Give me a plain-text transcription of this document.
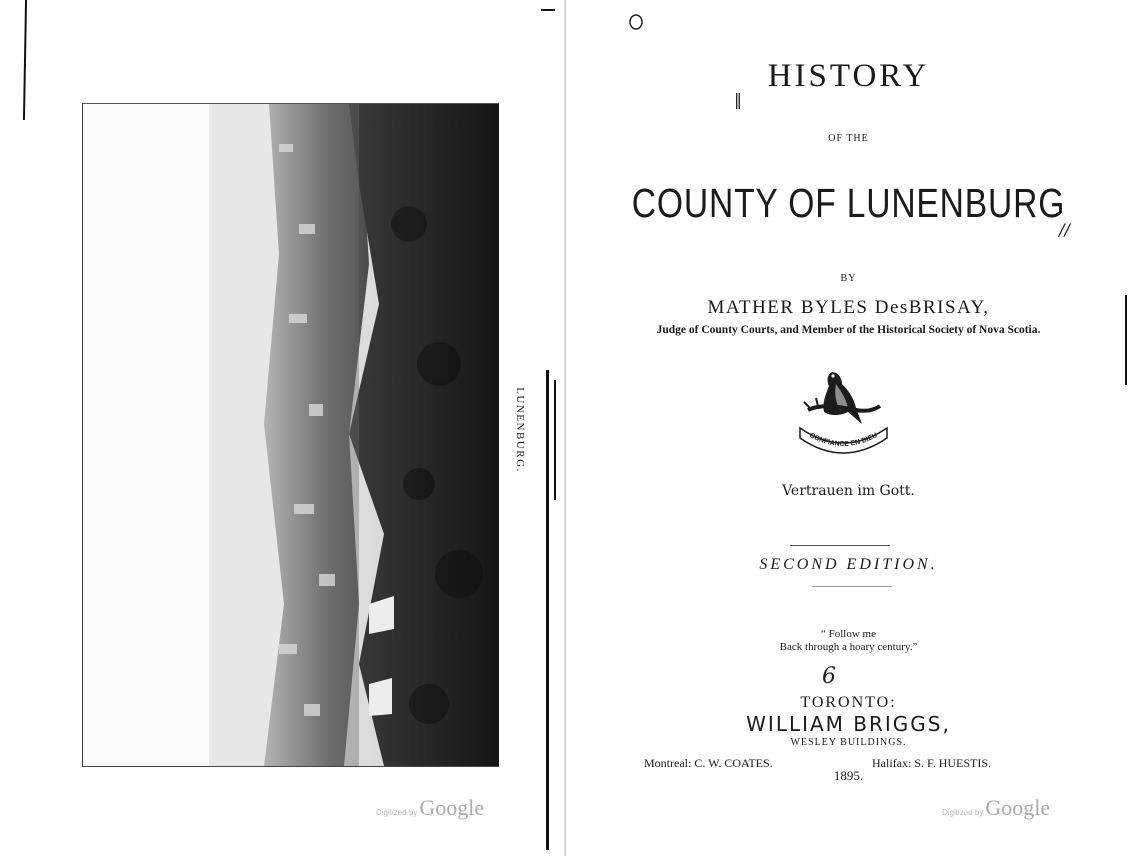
LUNENBURG.
Digitized byGoogle
‖
//
HISTORY
OF THE
COUNTY OF LUNENBURG
BY
MATHER BYLES DesBRISAY,
Judge of County Courts, and Member of the Historical Society of Nova Scotia.
CONFIANCE EN DIEU
Vertrauen im Gott.
SECOND EDITION.
“ Follow me
Back through a hoary century.”
6
TORONTO:
WILLIAM BRIGGS,
WESLEY BUILDINGS.
Montreal: C. W. COATES.	Halifax: S. F. HUESTIS.
1895.
Digitized byGoogle
